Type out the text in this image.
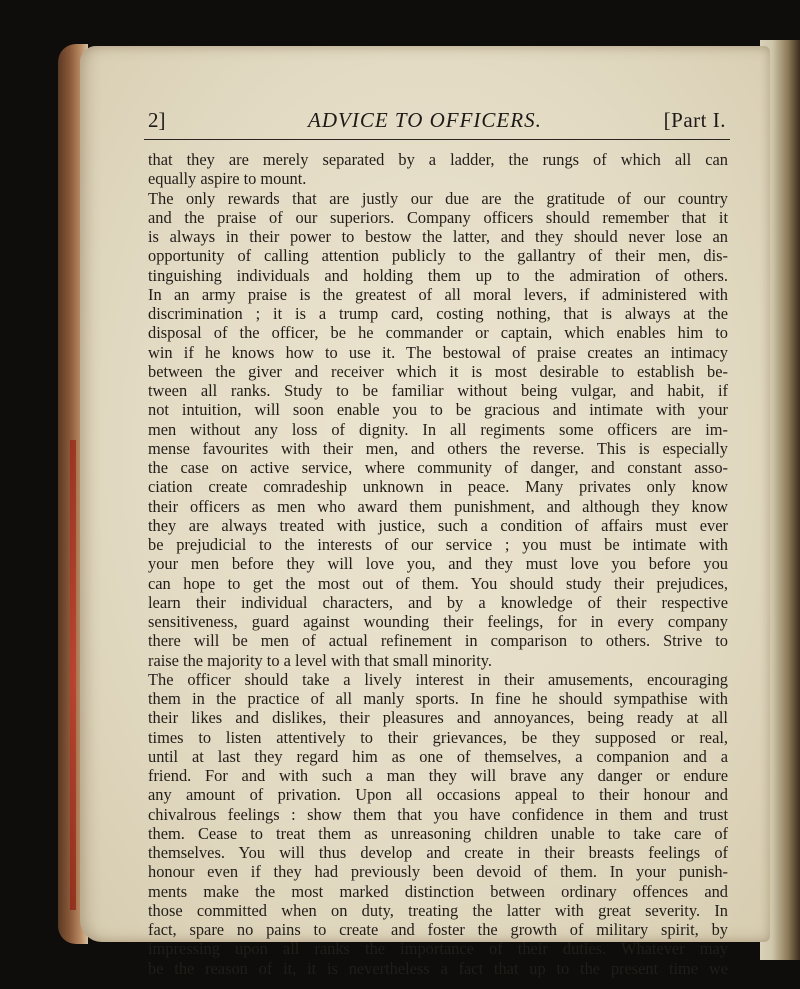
2]	ADVICE TO OFFICERS.	[Part I.
that they are merely separated by a ladder, the rungs of which all can
equally aspire to mount.
The only rewards that are justly our due are the gratitude of our country
and the praise of our superiors. Company officers should remember that it
is always in their power to bestow the latter, and they should never lose an
opportunity of calling attention publicly to the gallantry of their men, dis-
tinguishing individuals and holding them up to the admiration of others.
In an army praise is the greatest of all moral levers, if administered with
discrimination ; it is a trump card, costing nothing, that is always at the
disposal of the officer, be he commander or captain, which enables him to
win if he knows how to use it. The bestowal of praise creates an intimacy
between the giver and receiver which it is most desirable to establish be-
tween all ranks. Study to be familiar without being vulgar, and habit, if
not intuition, will soon enable you to be gracious and intimate with your
men without any loss of dignity. In all regiments some officers are im-
mense favourites with their men, and others the reverse. This is especially
the case on active service, where community of danger, and constant asso-
ciation create comradeship unknown in peace. Many privates only know
their officers as men who award them punishment, and although they know
they are always treated with justice, such a condition of affairs must ever
be prejudicial to the interests of our service ; you must be intimate with
your men before they will love you, and they must love you before you
can hope to get the most out of them. You should study their prejudices,
learn their individual characters, and by a knowledge of their respective
sensitiveness, guard against wounding their feelings, for in every company
there will be men of actual refinement in comparison to others. Strive to
raise the majority to a level with that small minority.
The officer should take a lively interest in their amusements, encouraging
them in the practice of all manly sports. In fine he should sympathise with
their likes and dislikes, their pleasures and annoyances, being ready at all
times to listen attentively to their grievances, be they supposed or real,
until at last they regard him as one of themselves, a companion and a
friend. For and with such a man they will brave any danger or endure
any amount of privation. Upon all occasions appeal to their honour and
chivalrous feelings : show them that you have confidence in them and trust
them. Cease to treat them as unreasoning children unable to take care of
themselves. You will thus develop and create in their breasts feelings of
honour even if they had previously been devoid of them. In your punish-
ments make the most marked distinction between ordinary offences and
those committed when on duty, treating the latter with great severity. In
fact, spare no pains to create and foster the growth of military spirit, by
impressing upon all ranks the importance of their duties. Whatever may
be the reason of it, it is nevertheless a fact that up to the present time we
